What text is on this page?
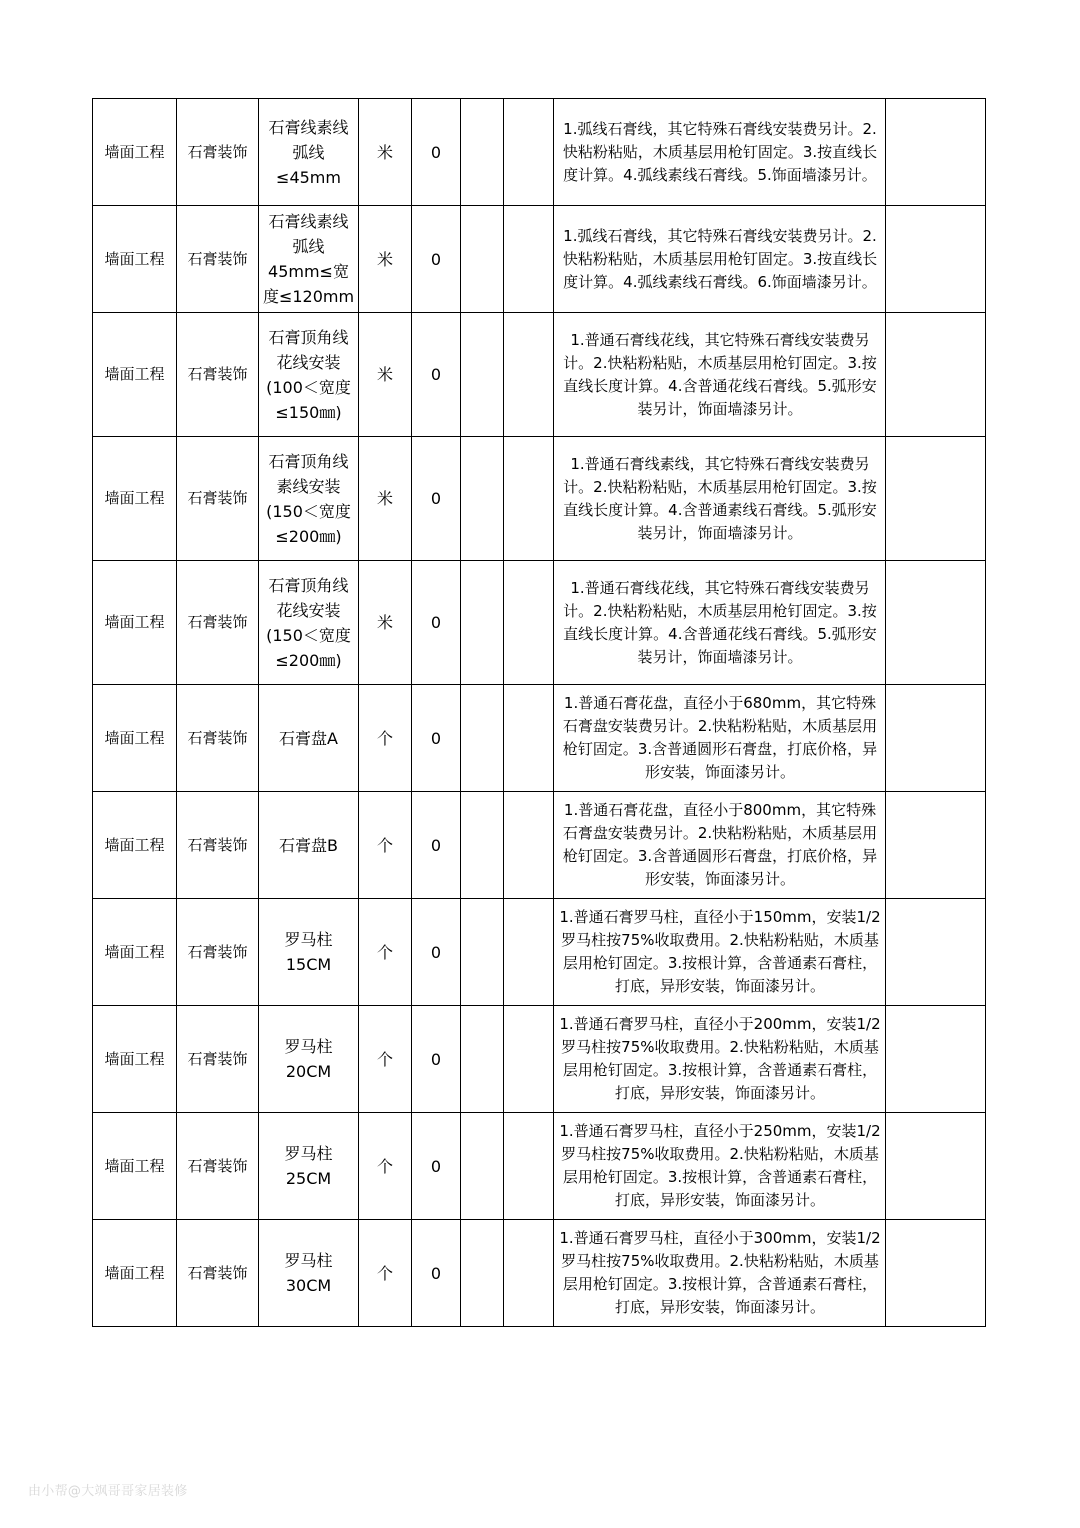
墙面工程	石膏装饰	石膏线素线弧线≤45mm	米	0			1.弧线石膏线，其它特殊石膏线安装费另计。2.快粘粉粘贴，木质基层用枪钉固定。3.按直线长度计算。4.弧线素线石膏线。5.饰面墙漆另计。	
墙面工程	石膏装饰	石膏线素线弧线45mm≤宽度≤120mm	米	0			1.弧线石膏线，其它特殊石膏线安装费另计。2.快粘粉粘贴，木质基层用枪钉固定。3.按直线长度计算。4.弧线素线石膏线。6.饰面墙漆另计。	
墙面工程	石膏装饰	石膏顶角线花线安装(100＜宽度≤150㎜)	米	0			1.普通石膏线花线，其它特殊石膏线安装费另计。2.快粘粉粘贴，木质基层用枪钉固定。3.按直线长度计算。4.含普通花线石膏线。5.弧形安装另计，饰面墙漆另计。	
墙面工程	石膏装饰	石膏顶角线素线安装(150＜宽度≤200㎜)	米	0			1.普通石膏线素线，其它特殊石膏线安装费另计。2.快粘粉粘贴，木质基层用枪钉固定。3.按直线长度计算。4.含普通素线石膏线。5.弧形安装另计，饰面墙漆另计。	
墙面工程	石膏装饰	石膏顶角线花线安装(150＜宽度≤200㎜)	米	0			1.普通石膏线花线，其它特殊石膏线安装费另计。2.快粘粉粘贴，木质基层用枪钉固定。3.按直线长度计算。4.含普通花线石膏线。5.弧形安装另计，饰面墙漆另计。	
墙面工程	石膏装饰	石膏盘A	个	0			1.普通石膏花盘，直径小于680mm，其它特殊石膏盘安装费另计。2.快粘粉粘贴，木质基层用枪钉固定。3.含普通圆形石膏盘，打底价格，异形安装，饰面漆另计。	
墙面工程	石膏装饰	石膏盘B	个	0			1.普通石膏花盘，直径小于800mm，其它特殊石膏盘安装费另计。2.快粘粉粘贴，木质基层用枪钉固定。3.含普通圆形石膏盘，打底价格，异形安装，饰面漆另计。	
墙面工程	石膏装饰	罗马柱15CM	个	0			1.普通石膏罗马柱，直径小于150mm，安装1/2罗马柱按75%收取费用。2.快粘粉粘贴，木质基层用枪钉固定。3.按根计算，含普通素石膏柱，打底，异形安装，饰面漆另计。	
墙面工程	石膏装饰	罗马柱20CM	个	0			1.普通石膏罗马柱，直径小于200mm，安装1/2罗马柱按75%收取费用。2.快粘粉粘贴，木质基层用枪钉固定。3.按根计算，含普通素石膏柱，打底，异形安装，饰面漆另计。	
墙面工程	石膏装饰	罗马柱25CM	个	0			1.普通石膏罗马柱，直径小于250mm，安装1/2罗马柱按75%收取费用。2.快粘粉粘贴，木质基层用枪钉固定。3.按根计算，含普通素石膏柱，打底，异形安装，饰面漆另计。	
墙面工程	石膏装饰	罗马柱30CM	个	0			1.普通石膏罗马柱，直径小于300mm，安装1/2罗马柱按75%收取费用。2.快粘粉粘贴，木质基层用枪钉固定。3.按根计算，含普通素石膏柱，打底，异形安装，饰面漆另计。	
由小帮@大飒哥哥家居装修
